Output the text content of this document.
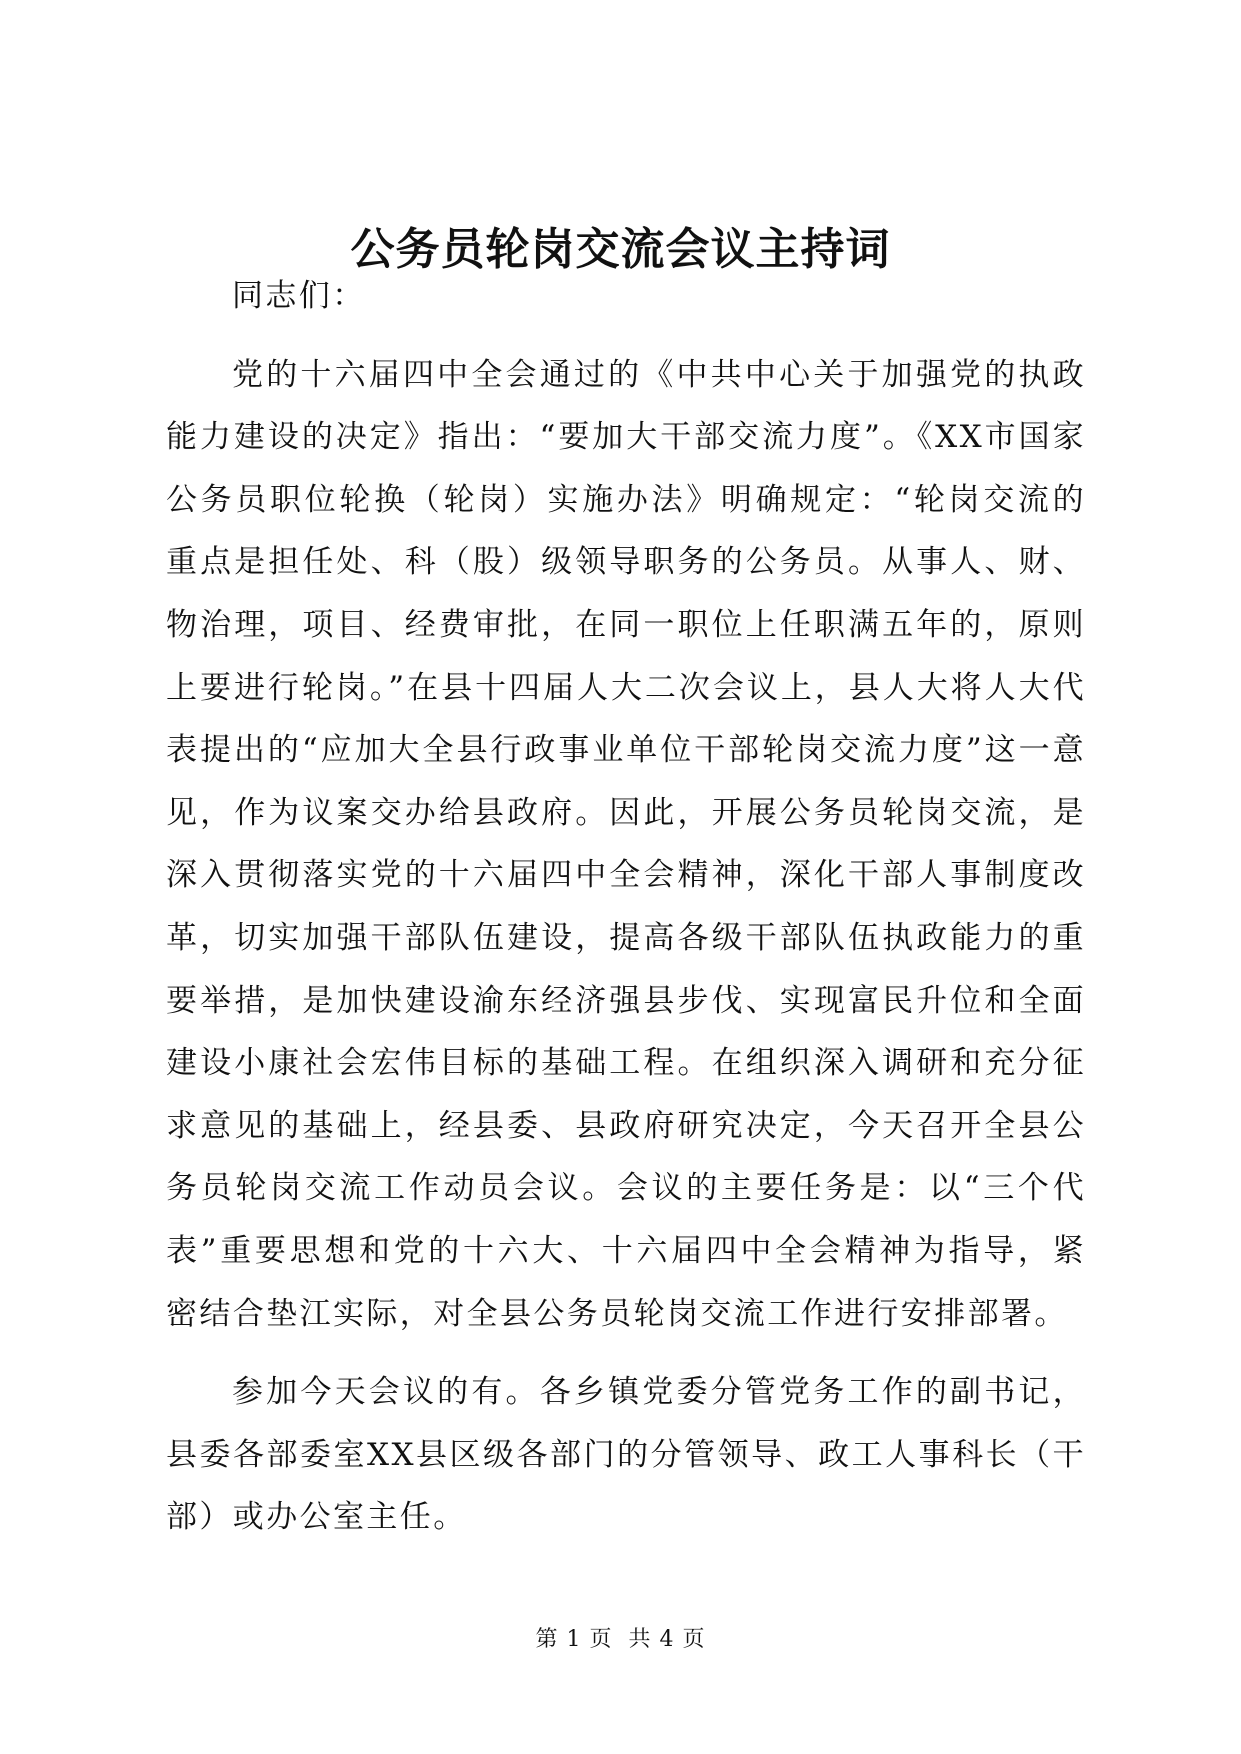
公务员轮岗交流会议主持词

同志们：

党的十六届四中全会通过的《中共中心关于加强党的执政能力建设的决定》指出：“要加大干部交流力度”。《XX市国家公务员职位轮换（轮岗）实施办法》明确规定：“轮岗交流的重点是担任处、科（股）级领导职务的公务员。从事人、财、物治理，项目、经费审批，在同一职位上任职满五年的，原则上要进行轮岗。”在县十四届人大二次会议上，县人大将人大代表提出的“应加大全县行政事业单位干部轮岗交流力度”这一意见，作为议案交办给县政府。因此，开展公务员轮岗交流，是深入贯彻落实党的十六届四中全会精神，深化干部人事制度改革，切实加强干部队伍建设，提高各级干部队伍执政能力的重要举措，是加快建设渝东经济强县步伐、实现富民升位和全面建设小康社会宏伟目标的基础工程。在组织深入调研和充分征求意见的基础上，经县委、县政府研究决定，今天召开全县公务员轮岗交流工作动员会议。会议的主要任务是：以“三个代表”重要思想和党的十六大、十六届四中全会精神为指导，紧密结合垫江实际，对全县公务员轮岗交流工作进行安排部署。

参加今天会议的有。各乡镇党委分管党务工作的副书记，县委各部委室XX县区级各部门的分管领导、政工人事科长（干部）或办公室主任。

第 1 页  共 4 页
